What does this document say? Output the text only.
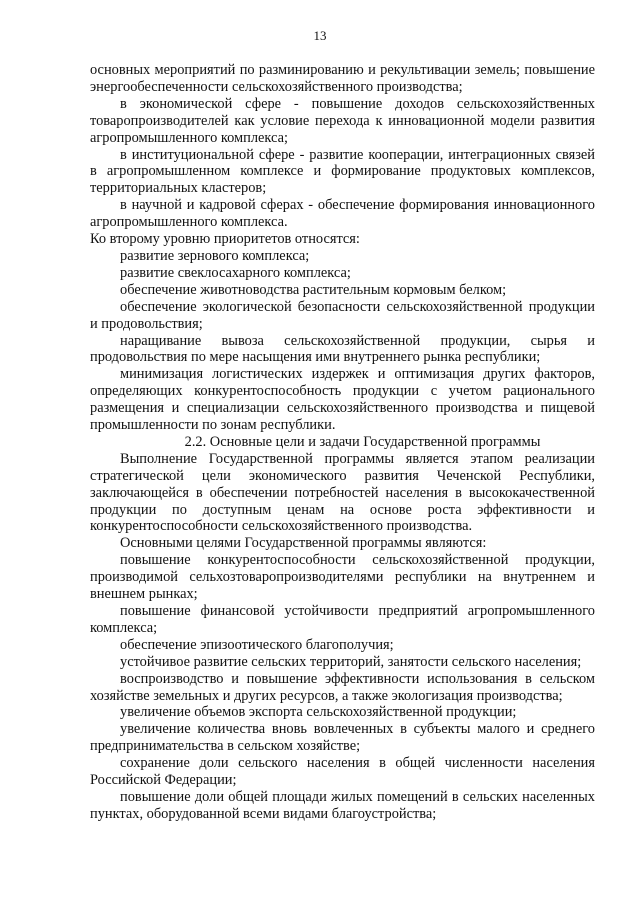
13

основных мероприятий по разминированию и рекультивации земель; повышение энергообеспеченности сельскохозяйственного производства;

в экономической сфере - повышение доходов сельскохозяйственных товаропроизводителей как условие перехода к инновационной модели развития агропромышленного комплекса;

в институциональной сфере - развитие кооперации, интеграционных связей в агропромышленном комплексе и формирование продуктовых комплексов, территориальных кластеров;

в научной и кадровой сферах - обеспечение формирования инновационного агропромышленного комплекса.

Ко второму уровню приоритетов относятся:

развитие зернового комплекса;

развитие свеклосахарного комплекса;

обеспечение животноводства растительным кормовым белком;

обеспечение экологической безопасности сельскохозяйственной продукции и продовольствия;

наращивание вывоза сельскохозяйственной продукции, сырья и продовольствия по мере насыщения ими внутреннего рынка республики;

минимизация логистических издержек и оптимизация других факторов, определяющих конкурентоспособность продукции с учетом рационального размещения и специализации сельскохозяйственного производства и пищевой промышленности по зонам республики.

2.2. Основные цели и задачи Государственной программы

Выполнение Государственной программы является этапом реализации стратегической цели экономического развития Чеченской Республики, заключающейся в обеспечении потребностей населения в высококачественной продукции по доступным ценам на основе роста эффективности и конкурентоспособности сельскохозяйственного производства.

Основными целями Государственной программы являются:

повышение конкурентоспособности сельскохозяйственной продукции, производимой сельхозтоваропроизводителями республики на внутреннем и внешнем рынках;

повышение финансовой устойчивости предприятий агропромышленного комплекса;

обеспечение эпизоотического благополучия;

устойчивое развитие сельских территорий, занятости сельского населения;

воспроизводство и повышение эффективности использования в сельском хозяйстве земельных и других ресурсов, а также экологизация производства;

увеличение объемов экспорта сельскохозяйственной продукции;

увеличение количества вновь вовлеченных в субъекты малого и среднего предпринимательства в сельском хозяйстве;

сохранение доли сельского населения в общей численности населения Российской Федерации;

повышение доли общей площади жилых помещений в сельских населенных пунктах, оборудованной всеми видами благоустройства;
